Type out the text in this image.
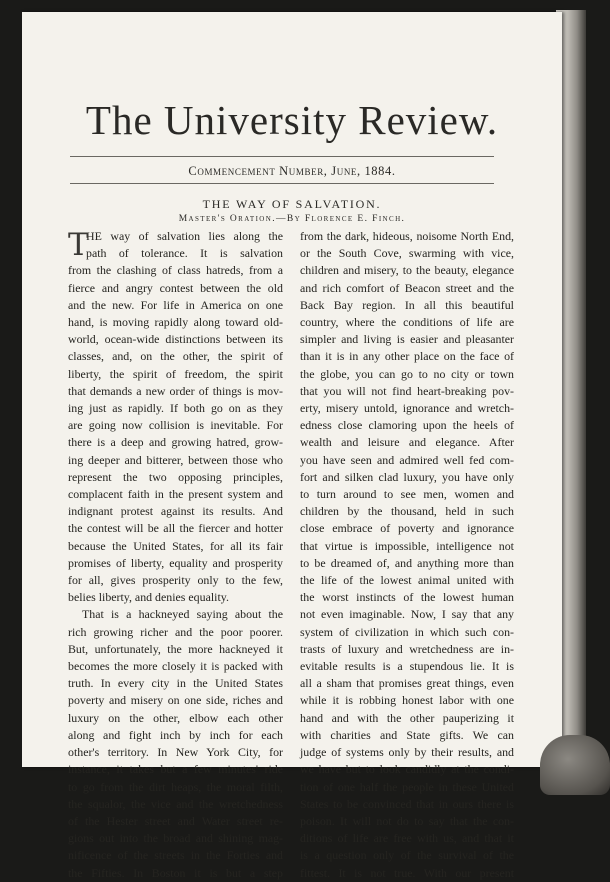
The University Review.
Commencement Number, June, 1884.
THE WAY OF SALVATION.
Master's Oration.—By Florence E. Finch.
T
HE way of salvation lies along the
path of tolerance. It is salvation
from the clashing of class hatreds, from a
fierce and angry contest between the old
and the new. For life in America on one
hand, is moving rapidly along toward old-
world, ocean-wide distinctions between its
classes, and, on the other, the spirit of
liberty, the spirit of freedom, the spirit
that demands a new order of things is mov-
ing just as rapidly. If both go on as they
are going now collision is inevitable. For
there is a deep and growing hatred, grow-
ing deeper and bitterer, between those who
represent the two opposing principles,
complacent faith in the present system and
indignant protest against its results. And
the contest will be all the fiercer and hotter
because the United States, for all its fair
promises of liberty, equality and prosperity
for all, gives prosperity only to the few,
belies liberty, and denies equality.
That is a hackneyed saying about the
rich growing richer and the poor poorer.
But, unfortunately, the more hackneyed it
becomes the more closely it is packed with
truth. In every city in the United States
poverty and misery on one side, riches and
luxury on the other, elbow each other
along and fight inch by inch for each
other's territory. In New York City, for
instance, it takes but a few minutes' ride
to go from the dirt heaps, the moral filth,
the squalor, the vice and the wretchedness
of the Hester street and Water street re-
gions out into the broad and shining mag-
nificence of the streets in the Forties and
the Fifties. In Boston it is but a step
from the dark, hideous, noisome North End,
or the South Cove, swarming with vice,
children and misery, to the beauty, elegance
and rich comfort of Beacon street and the
Back Bay region. In all this beautiful
country, where the conditions of life are
simpler and living is easier and pleasanter
than it is in any other place on the face of
the globe, you can go to no city or town
that you will not find heart-breaking pov-
erty, misery untold, ignorance and wretch-
edness close clamoring upon the heels of
wealth and leisure and elegance. After
you have seen and admired well fed com-
fort and silken clad luxury, you have only
to turn around to see men, women and
children by the thousand, held in such
close embrace of poverty and ignorance
that virtue is impossible, intelligence not
to be dreamed of, and anything more than
the life of the lowest animal united with
the worst instincts of the lowest human
not even imaginable. Now, I say that any
system of civilization in which such con-
trasts of luxury and wretchedness are in-
evitable results is a stupendous lie. It is
all a sham that promises great things, even
while it is robbing honest labor with one
hand and with the other pauperizing it
with charities and State gifts. We can
judge of systems only by their results, and
we have but to look candidly at the condi-
tion of one half the people in these United
States to be convinced that in ours there is
poison. It will not do to say that the con-
ditions of life are free with us, and that it
is a question only of the survival of the
fittest. It is not true. With our present
